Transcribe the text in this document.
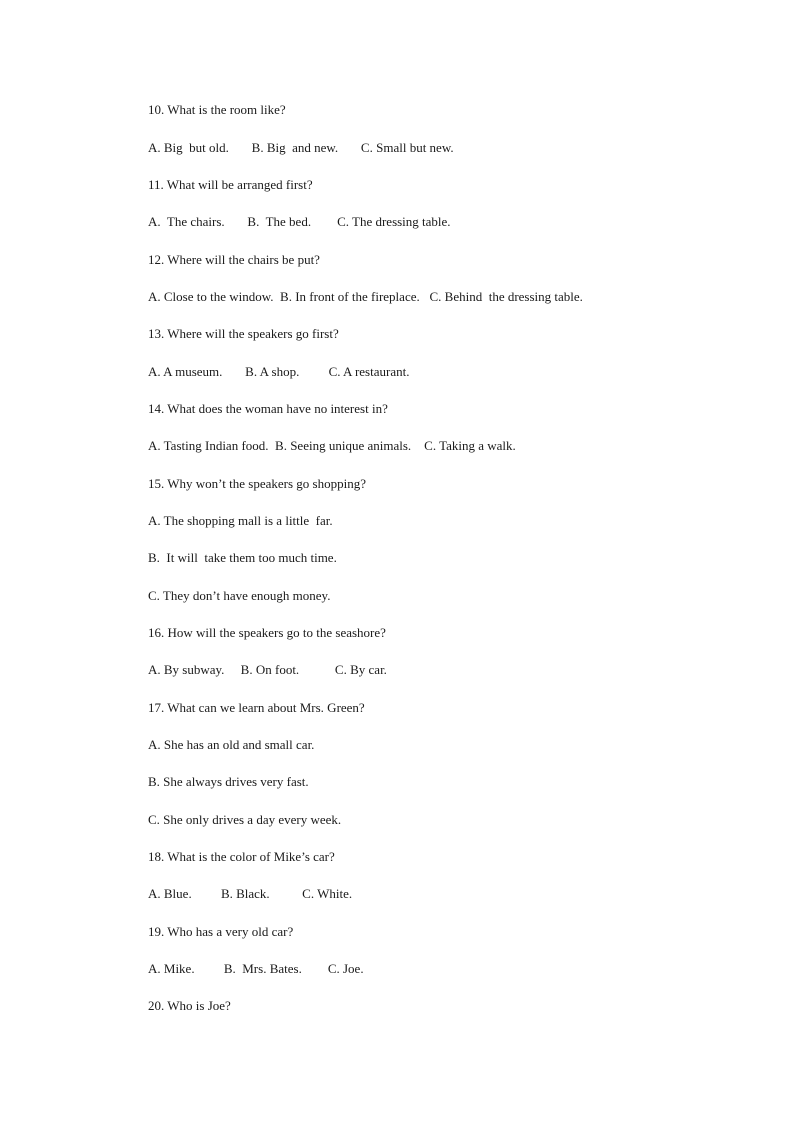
10. What is the room like?
A. Big  but old.       B. Big  and new.       C. Small but new.
11. What will be arranged first?
A.  The chairs.       B.  The bed.        C. The dressing table.
12. Where will the chairs be put?
A. Close to the window.  B. In front of the fireplace.   C. Behind  the dressing table.
13. Where will the speakers go first?
A. A museum.       B. A shop.         C. A restaurant.
14. What does the woman have no interest in?
A. Tasting Indian food.  B. Seeing unique animals.    C. Taking a walk.
15. Why won’t the speakers go shopping?
A. The shopping mall is a little  far.
B.  It will  take them too much time.
C. They don’t have enough money.
16. How will the speakers go to the seashore?
A. By subway.     B. On foot.           C. By car.
17. What can we learn about Mrs. Green?
A. She has an old and small car.
B. She always drives very fast.
C. She only drives a day every week.
18. What is the color of Mike’s car?
A. Blue.         B. Black.          C. White.
19. Who has a very old car?
A. Mike.         B.  Mrs. Bates.        C. Joe.
20. Who is Joe?
